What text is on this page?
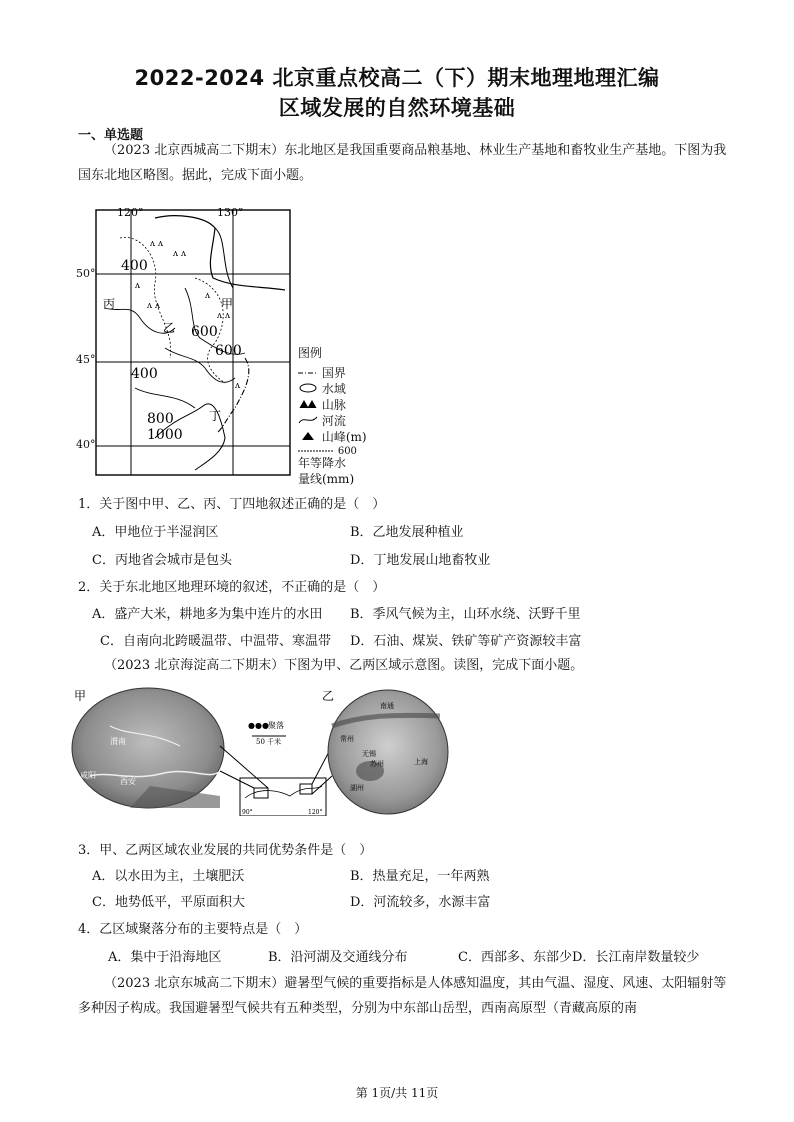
2022-2024 北京重点校高二（下）期末地理地理汇编
区域发展的自然环境基础
一、单选题
（2023 北京西城高二下期末）东北地区是我国重要商品粮基地、林业生产基地和畜牧业生产基地。下图为我国东北地区略图。据此，完成下面小题。
ᴧ ᴧ
ᴧ ᴧ
ᴧ
ᴧ ᴧ
ᴧ
ᴧ ᴧ
ᴧ
120°	130°
400
600
600
400
800
1000
丙	甲
乙
丁
50°
45°
40°
图例
国界
水域
山脉
河流
山峰(m)
600
年等降水
量线(mm)
1．关于图中甲、乙、丙、丁四地叙述正确的是（　）
A．甲地位于半湿润区	B．乙地发展种植业
C．丙地省会城市是包头	D．丁地发展山地畜牧业
2．关于东北地区地理环境的叙述，不正确的是（　）
A．盛产大米，耕地多为集中连片的水田 B．季风气候为主，山环水绕、沃野千里
C．自南向北跨暖温带、中温带、寒温带 D．石油、煤炭、铁矿等矿产资源较丰富
（2023 北京海淀高二下期末）下图为甲、乙两区域示意图。读图，完成下面小题。
甲
渭南
咸阳
西安
●●● 聚落
50 千米
90°	120°
乙
南通
常州
无锡
苏州	上海
湖州
3．甲、乙两区域农业发展的共同优势条件是（　）
A．以水田为主，土壤肥沃	B．热量充足，一年两熟
C．地势低平，平原面积大	D．河流较多，水源丰富
4．乙区域聚落分布的主要特点是（　）
A．集中于沿海地区	B．沿河湖及交通线分布	C．西部多、东部少 D．长江南岸数量较少
（2023 北京东城高二下期末）避暑型气候的重要指标是人体感知温度，其由气温、湿度、风速、太阳辐射等多种因子构成。我国避暑型气候共有五种类型，分别为中东部山岳型，西南高原型（青藏高原的南
第 1页/共 11页
